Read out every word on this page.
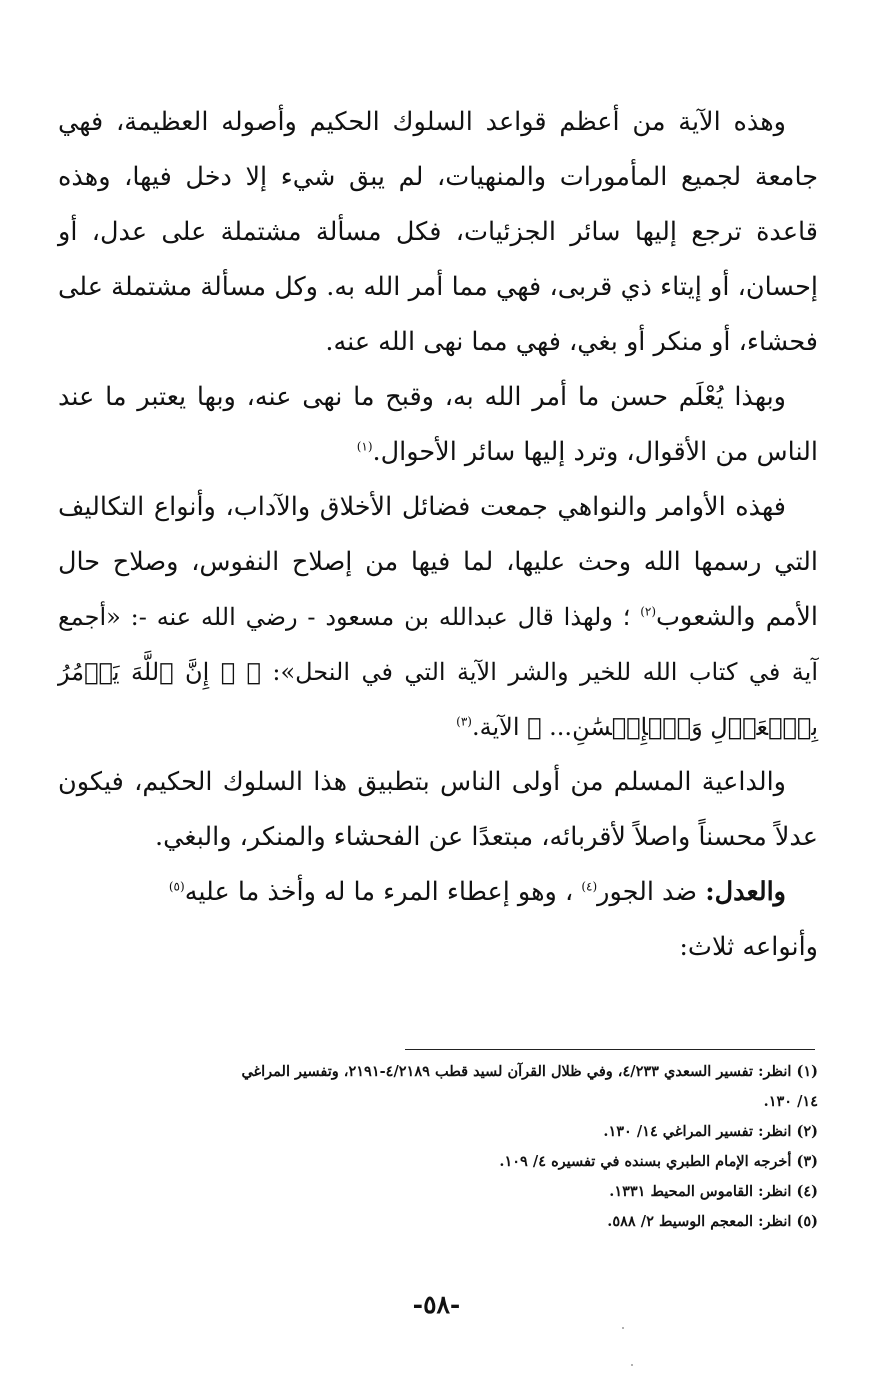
وهذه الآية من أعظم قواعد السلوك الحكيم وأصوله العظيمة، فهي جامعة لجميع المأمورات والمنهيات، لم يبق شيء إلا دخل فيها، وهذه قاعدة ترجع إليها سائر الجزئيات، فكل مسألة مشتملة على عدل، أو إحسان، أو إيتاء ذي قربى، فهي مما أمر الله به. وكل مسألة مشتملة على فحشاء، أو منكر أو بغي، فهي مما نهى الله عنه.

وبهذا يُعْلَم حسن ما أمر الله به، وقبح ما نهى عنه، وبها يعتبر ما عند الناس من الأقوال، وترد إليها سائر الأحوال.$^{(١)}$

فهذه الأوامر والنواهي جمعت فضائل الأخلاق والآداب، وأنواع التكاليف التي رسمها الله وحث عليها، لما فيها من إصلاح النفوس، وصلاح حال الأمم والشعوب$^{(٢)}$ ؛ ولهذا قال عبدالله بن مسعود - رضي الله عنه -: «أجمع آية في كتاب الله للخير والشر الآية التي في النحل»: ﴿ ۞ إِنَّ ٱللَّهَ يَأۡمُرُ بِٱلۡعَدۡلِ وَٱلۡإِحۡسَٰنِ... ﴾ الآية.$^{(٣)}$

والداعية المسلم من أولى الناس بتطبيق هذا السلوك الحكيم، فيكون عدلاً محسناً واصلاً لأقربائه، مبتعدًا عن الفحشاء والمنكر، والبغي.

والعدل: ضد الجور$^{(٤)}$ ، وهو إعطاء المرء ما له وأخذ ما عليه$^{(٥)}$

وأنواعه ثلاث:

(١) انظر: تفسير السعدي ٤/٢٣٣، وفي ظلال القرآن لسيد قطب ٤/٢١٨٩-٢١٩١، وتفسير المراغي

١٤/ ١٣٠.

(٢) انظر: تفسير المراغي ١٤/ ١٣٠.

(٣) أخرجه الإمام الطبري بسنده في تفسيره ٤/ ١٠٩.

(٤) انظر: القاموس المحيط ١٣٣١.

(٥) انظر: المعجم الوسيط ٢/ ٥٨٨.

-٥٨-
